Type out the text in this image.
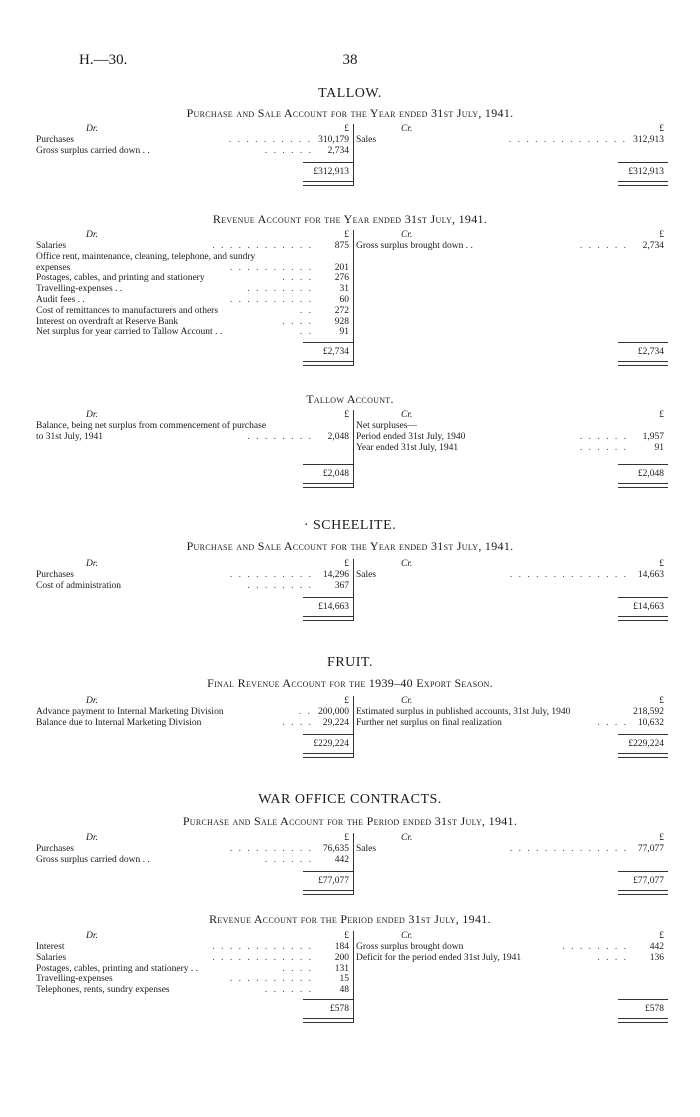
H.—30.	38
TALLOW.
Purchase and Sale Account for the Year ended 31st July, 1941.
Dr.	£
Purchases	. . . . . . . . . . 310,179
Gross surplus carried down . .	. . . . . . 2,734
£312,913
Cr.	£
Sales	. . . . . . . . . . . . . . 312,913
£312,913
Revenue Account for the Year ended 31st July, 1941.
Dr.	£
Salaries	. . . . . . . . . . . . 875
Office rent, maintenance, cleaning, telephone, and sundry
expenses	. . . . . . . . . . 201
Postages, cables, and printing and stationery	. . . . 276
Travelling-expenses . .	. . . . . . . .	31
Audit fees . .	. . . . . . . . . .	60
Cost of remittances to manufacturers and others	. . 272
Interest on overdraft at Reserve Bank	. . . . 928
Net surplus for year carried to Tallow Account . .	. .	91
£2,734
Cr.	£
Gross surplus brought down . .	. . . . . . 2,734
£2,734
Tallow Account.
Dr.	£
Balance, being net surplus from commencement of purchase
to 31st July, 1941	. . . . . . . . 2,048
£2,048
Cr.	£
Net surpluses—
Period ended 31st July, 1940	. . . . . . 1,957
Year ended 31st July, 1941	. . . . . .	91
£2,048
· SCHEELITE.
Purchase and Sale Account for the Year ended 31st July, 1941.
Dr.	£
Purchases	. . . . . . . . . . 14,296
Cost of administration	. . . . . . . . 367
£14,663
Cr.	£
Sales	. . . . . . . . . . . . . . 14,663
£14,663
FRUIT.
Final Revenue Account for the 1939–40 Export Season.
Dr.	£
Advance payment to Internal Marketing Division	. . 200,000
Balance due to Internal Marketing Division	. . . . 29,224
£229,224
Cr.	£
Estimated surplus in published accounts, 31st July, 1940	218,592
Further net surplus on final realization	. . . . 10,632
£229,224
WAR OFFICE CONTRACTS.
Purchase and Sale Account for the Period ended 31st July, 1941.
Dr.	£
Purchases	. . . . . . . . . . 76,635
Gross surplus carried down . .	. . . . . . 442
£77,077
Cr.	£
Sales	. . . . . . . . . . . . . . 77,077
£77,077
Revenue Account for the Period ended 31st July, 1941.
Dr.	£
Interest	. . . . . . . . . . . . 184
Salaries	. . . . . . . . . . . . 200
Postages, cables, printing and stationery . .	. . . . 131
Travelling-expenses	. . . . . . . . . .	15
Telephones, rents, sundry expenses	. . . . . .	48
£578
Cr.	£
Gross surplus brought down	. . . . . . . . 442
Deficit for the period ended 31st July, 1941	. . . . 136
£578
